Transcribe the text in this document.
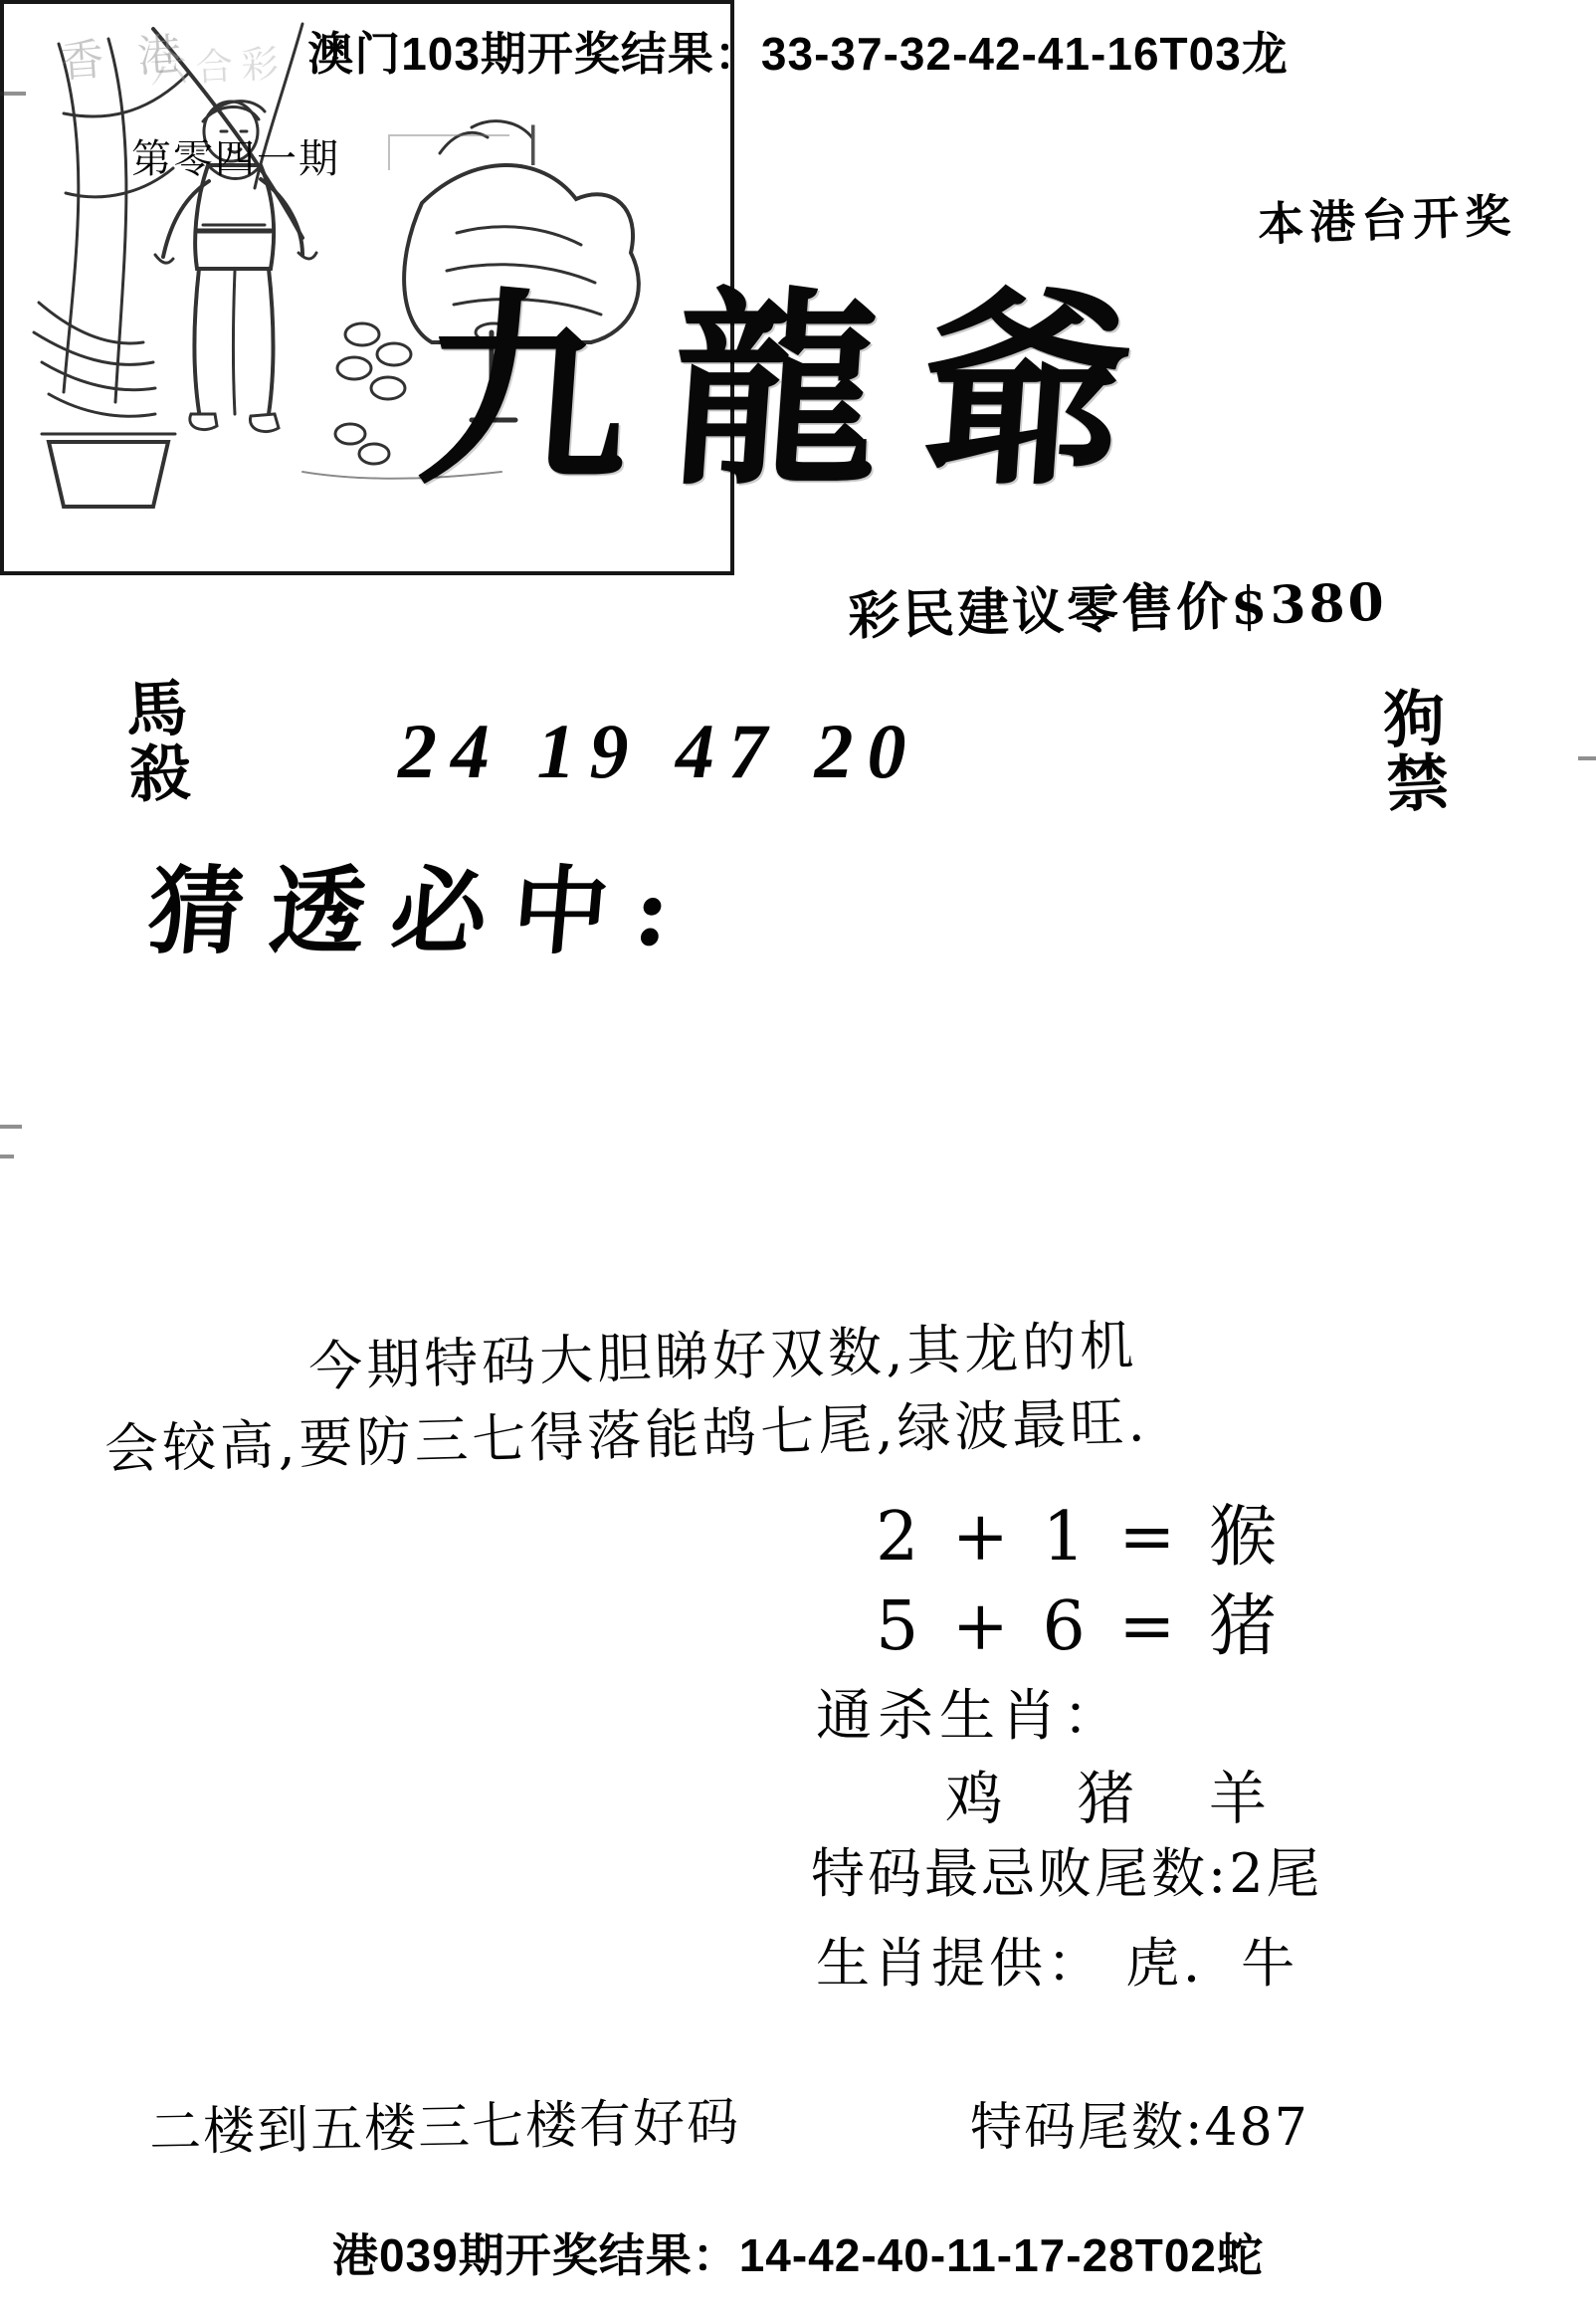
香 港
六合彩 澳门103期开奖结果：33-37-32-42-41-16T03龙
第零四一期	|
本港台开奖
九龍爺
彩民建议零售价$380
馬
殺	24 19 47 20	狗
禁
猜透必中:
今期特码大胆睇好双数,其龙的机
会较高,要防三七得落能鸪七尾,绿波最旺.
2 + 1 = 猴
5 + 6 = 猪
通杀生肖：
鸡 猪 羊
特码最忌败尾数:2尾
生肖提供： 虎．牛
二楼到五楼三七楼有好码	特码尾数:487
港039期开奖结果：14-42-40-11-17-28T02蛇
